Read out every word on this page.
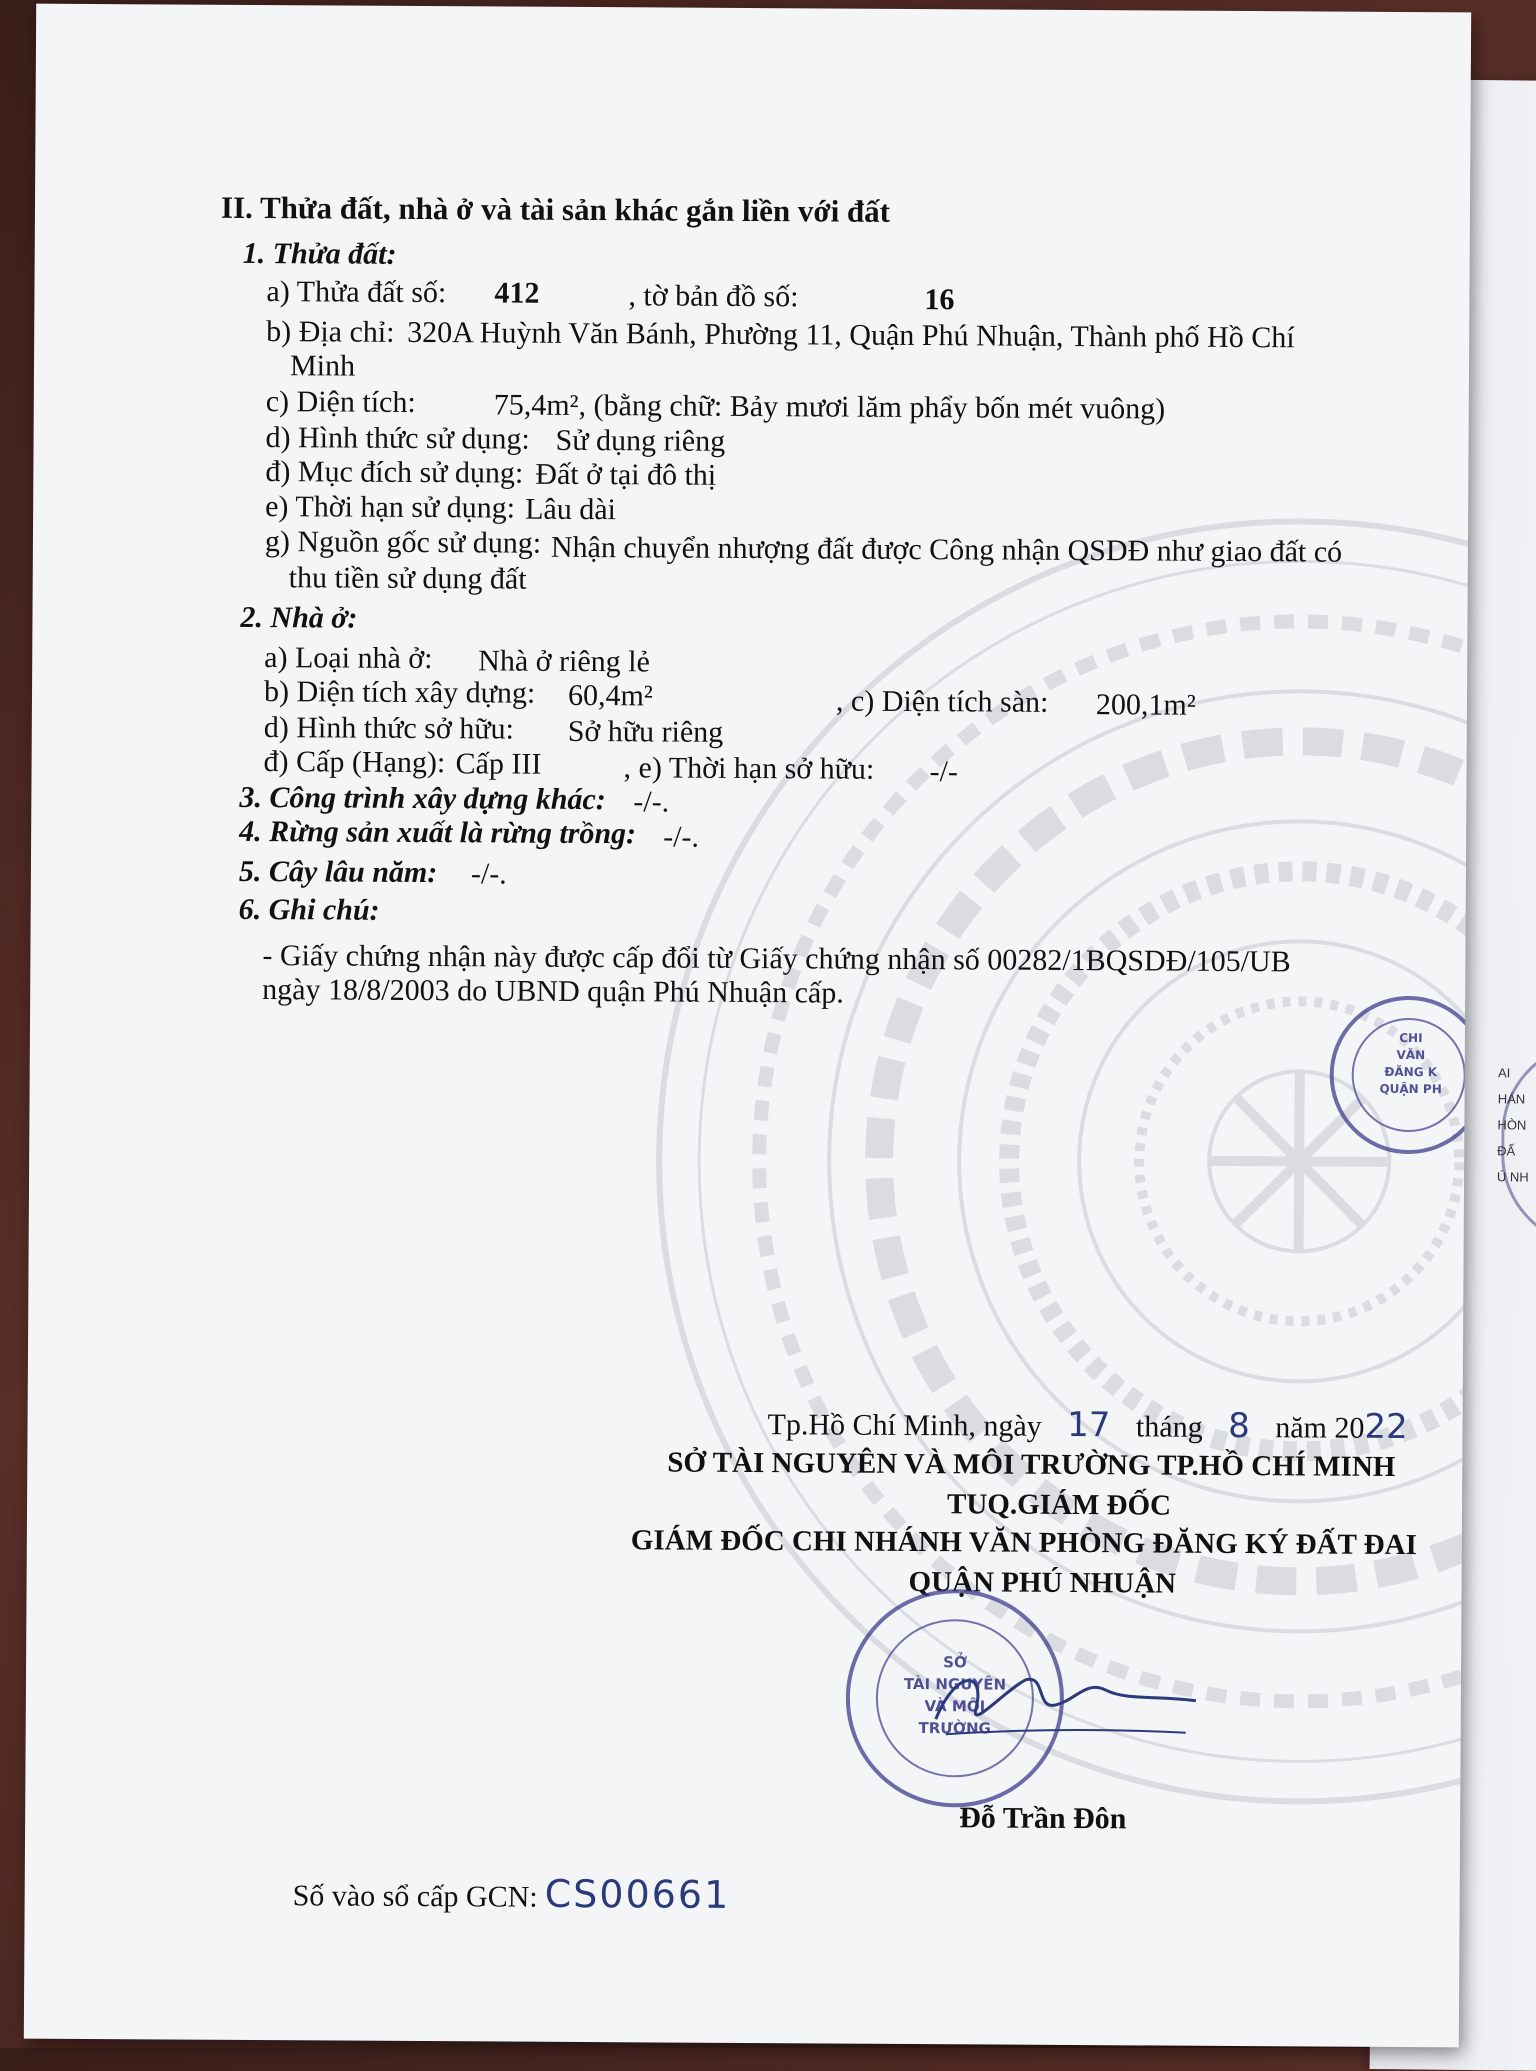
AI
HÁN
HÒN
ĐẤ
Ú NH
II. Thửa đất, nhà ở và tài sản khác gắn liền với đất
1. Thửa đất:
a) Thửa đất số: 412	, tờ bản đồ số:	16
b) Địa chỉ: 320A Huỳnh Văn Bánh, Phường 11, Quận Phú Nhuận, Thành phố Hồ Chí
Minh
c) Diện tích:	75,4m², (bằng chữ: Bảy mươi lăm phẩy bốn mét vuông)
d) Hình thức sử dụng: Sử dụng riêng
đ) Mục đích sử dụng: Đất ở tại đô thị
e) Thời hạn sử dụng: Lâu dài
g) Nguồn gốc sử dụng: Nhận chuyển nhượng đất được Công nhận QSDĐ như giao đất có
thu tiền sử dụng đất
2. Nhà ở:
a) Loại nhà ở: Nhà ở riêng lẻ
b) Diện tích xây dựng: 60,4m²	, c) Diện tích sàn: 200,1m²
d) Hình thức sở hữu: Sở hữu riêng
đ) Cấp (Hạng): Cấp III	, e) Thời hạn sở hữu: -/-
3. Công trình xây dựng khác: -/-.
4. Rừng sản xuất là rừng trồng: -/-.
5. Cây lâu năm: -/-.
6. Ghi chú:
- Giấy chứng nhận này được cấp đổi từ Giấy chứng nhận số 00282/1BQSDĐ/105/UB
ngày 18/8/2003 do UBND quận Phú Nhuận cấp.
CHI
VĂN
ĐĂNG K
QUẬN PH
Tp.Hồ Chí Minh, ngày 17 tháng 8 năm 2022
SỞ TÀI NGUYÊN VÀ MÔI TRƯỜNG TP.HỒ CHÍ MINH
TUQ.GIÁM ĐỐC
GIÁM ĐỐC CHI NHÁNH VĂN PHÒNG ĐĂNG KÝ ĐẤT ĐAI
QUẬN PHÚ NHUẬN
SỞ
TÀI NGUYÊN
VÀ MÔI TRƯỜNG
Đỗ Trần Đôn
Số vào sổ cấp GCN: CS00661
